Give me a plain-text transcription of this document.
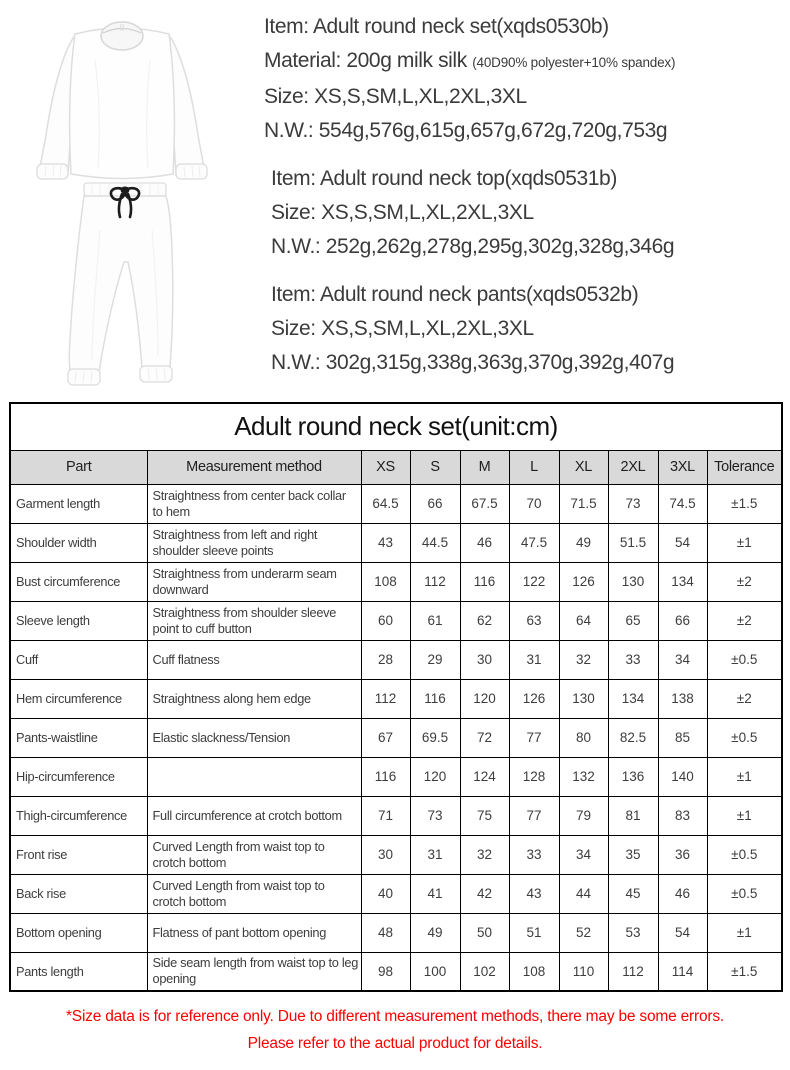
Item: Adult round neck set(xqds0530b)
Material: 200g milk silk (40D90% polyester+10% spandex)
Size: XS,S,SM,L,XL,2XL,3XL
N.W.: 554g,576g,615g,657g,672g,720g,753g
Item: Adult round neck top(xqds0531b)
Size: XS,S,SM,L,XL,2XL,3XL
N.W.: 252g,262g,278g,295g,302g,328g,346g
Item: Adult round neck pants(xqds0532b)
Size: XS,S,SM,L,XL,2XL,3XL
N.W.: 302g,315g,338g,363g,370g,392g,407g
Adult round neck set(unit:cm)									
Part	Measurement method	XS	S	M	L	XL	2XL	3XL	Tolerance
Garment length	Straightness from center back collar to hem	64.5	66	67.5	70	71.5	73	74.5	±1.5
Shoulder width	Straightness from left and right shoulder sleeve points	43	44.5	46	47.5	49	51.5	54	±1
Bust circumference	Straightness from underarm seam downward	108	112	116	122	126	130	134	±2
Sleeve length	Straightness from shoulder sleeve point to cuff button	60	61	62	63	64	65	66	±2
Cuff	Cuff flatness	28	29	30	31	32	33	34	±0.5
Hem circumference	Straightness along hem edge	112	116	120	126	130	134	138	±2
Pants-waistline	Elastic slackness/Tension	67	69.5	72	77	80	82.5	85	±0.5
Hip-circumference		116	120	124	128	132	136	140	±1
Thigh-circumference	Full circumference at crotch bottom	71	73	75	77	79	81	83	±1
Front rise	Curved Length from waist top to crotch bottom	30	31	32	33	34	35	36	±0.5
Back rise	Curved Length from waist top to crotch bottom	40	41	42	43	44	45	46	±0.5
Bottom opening	Flatness of pant bottom opening	48	49	50	51	52	53	54	±1
Pants length	Side seam length from waist top to leg opening	98	100	102	108	110	112	114	±1.5
*Size data is for reference only. Due to different measurement methods, there may be some errors.
Please refer to the actual product for details.
